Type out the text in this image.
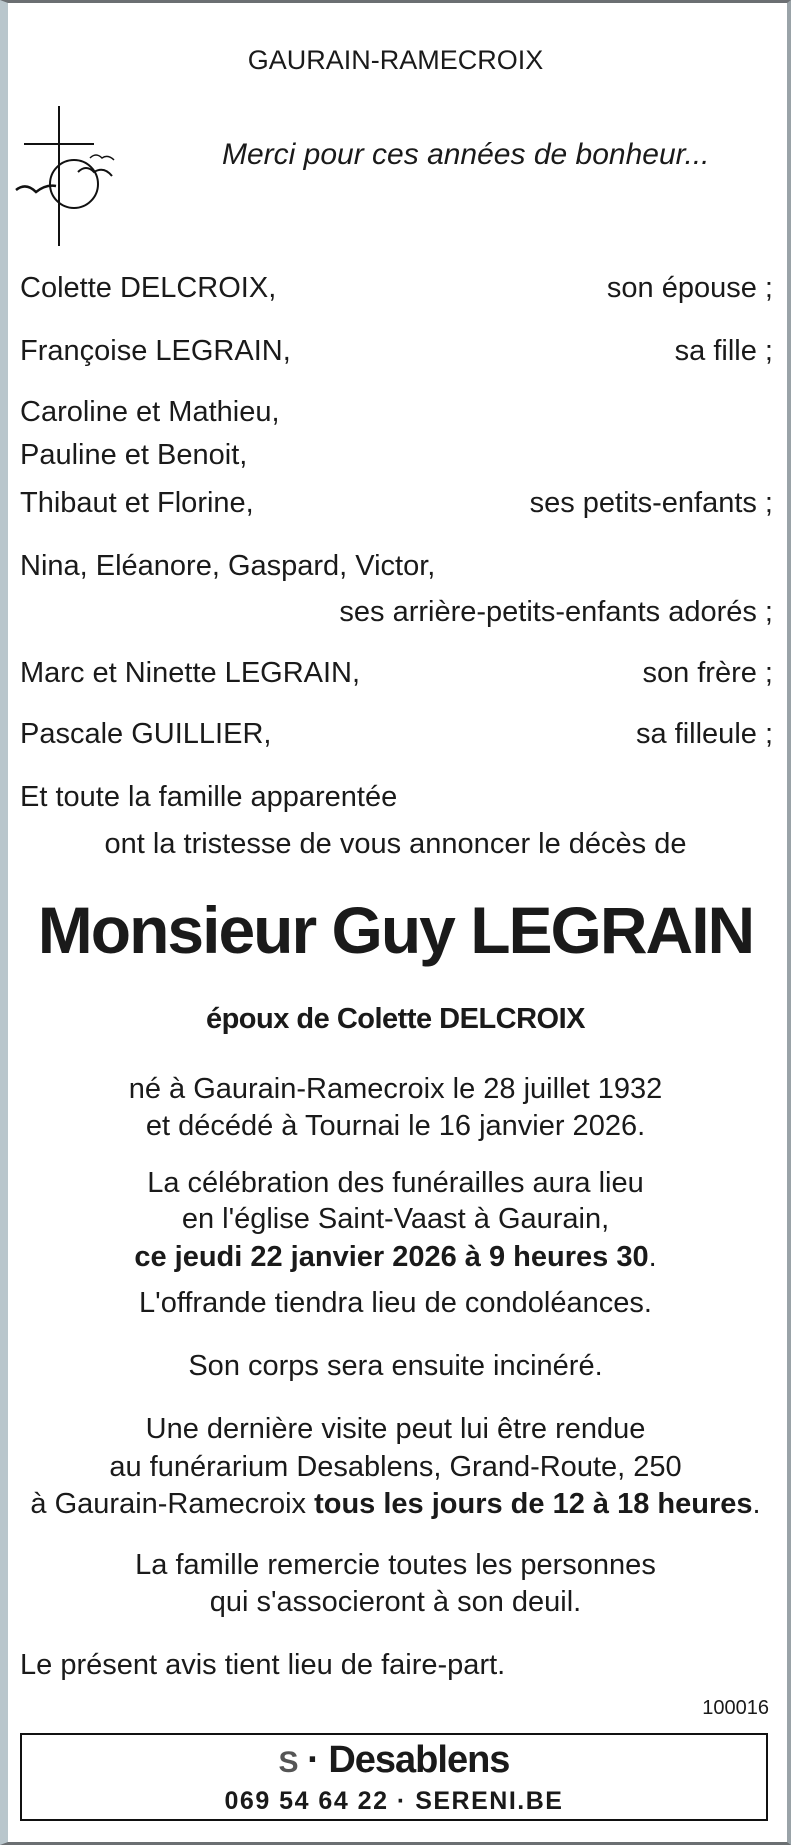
GAURAIN-RAMECROIX
Merci pour ces années de bonheur...
Colette DELCROIX,	son épouse ;
Françoise LEGRAIN,	sa fille ;
Caroline et Mathieu,
Pauline et Benoit,
Thibaut et Florine,	ses petits-enfants ;
Nina, Eléanore, Gaspard, Victor,
ses arrière-petits-enfants adorés ;
Marc et Ninette LEGRAIN,	son frère ;
Pascale GUILLIER,	sa filleule ;
Et toute la famille apparentée
ont la tristesse de vous annoncer le décès de
Monsieur Guy LEGRAIN
époux de Colette DELCROIX
né à Gaurain-Ramecroix le 28 juillet 1932
et décédé à Tournai le 16 janvier 2026.
La célébration des funérailles aura lieu
en l'église Saint-Vaast à Gaurain,
ce jeudi 22 janvier 2026 à 9 heures 30.
L'offrande tiendra lieu de condoléances.
Son corps sera ensuite incinéré.
Une dernière visite peut lui être rendue
au funérarium Desablens, Grand-Route, 250
à Gaurain-Ramecroix tous les jours de 12 à 18 heures.
La famille remercie toutes les personnes
qui s'associeront à son deuil.
Le présent avis tient lieu de faire-part.
100016
S · Desablens
069 54 64 22 · SERENI.BE
